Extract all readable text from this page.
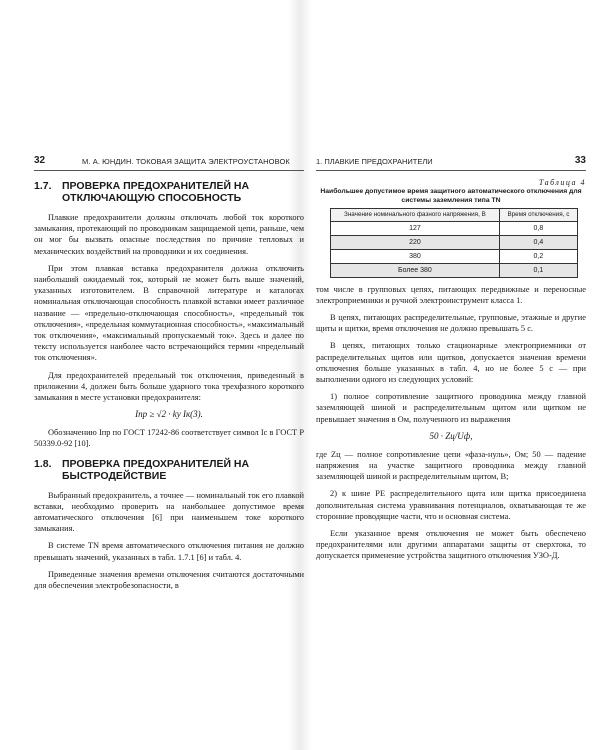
32	М. А. ЮНДИН. ТОКОВАЯ ЗАЩИТА ЭЛЕКТРОУСТАНОВОК
1.7. ПРОВЕРКА ПРЕДОХРАНИТЕЛЕЙ НА ОТКЛЮЧАЮЩУЮ СПОСОБНОСТЬ

Плавкие предохранители должны отключать любой ток короткого замыкания, протекающий по проводникам защищаемой цепи, раньше, чем он мог бы вызвать опасные последствия по причине тепловых и механических воздействий на проводники и их соединения.

При этом плавкая вставка предохранителя должна отключить наибольший ожидаемый ток, который не может быть выше значений, указанных изготовителем. В справочной литературе и каталогах номинальная отключающая способность плавкой вставки имеет различное название — «предельно-отключающая способность», «предельный ток отключения», «предельная коммутационная способность», «максимальный ток отключения», «максимальный пропускаемый ток». Здесь и далее по тексту используется наиболее часто встречающийся термин «предельный ток отключения».

Для предохранителей предельный ток отключения, приведенный в приложении 4, должен быть больше ударного тока трехфазного короткого замыкания в месте установки предохранителя:

Iпр ≥ √2 · kу Iк(3).

Обозначению Iпр по ГОСТ 17242-86 соответствует символ Ic в ГОСТ Р 50339.0-92 [10].

1.8. ПРОВЕРКА ПРЕДОХРАНИТЕЛЕЙ НА БЫСТРОДЕЙСТВИЕ

Выбранный предохранитель, а точнее — номинальный ток его плавкой вставки, необходимо проверить на наибольшее допустимое время автоматического отключения [6] при наименьшем токе короткого замыкания.

В системе TN время автоматического отключения питания не должно превышать значений, указанных в табл. 1.7.1 [6] и табл. 4.

Приведенные значения времени отключения считаются достаточными для обеспечения электробезопасности, в

1. ПЛАВКИЕ ПРЕДОХРАНИТЕЛИ	33
Таблица 4
Наибольшее допустимое время защитного автоматического отключения для системы заземления типа TN
Значение номинального фазного напряжения, В	Время отключения, с
127	0,8
220	0,4
380	0,2
Более 380	0,1

том числе в групповых цепях, питающих передвижные и переносные электроприемники и ручной электроинструмент класса 1.

В цепях, питающих распределительные, групповые, этажные и другие щиты и щитки, время отключения не должно превышать 5 с.

В цепях, питающих только стационарные электроприемники от распределительных щитов или щитков, допускается значения времени отключения больше указанных в табл. 4, но не более 5 с — при выполнении одного из следующих условий:

1) полное сопротивление защитного проводника между главной заземляющей шиной и распределительным щитом или щитком не превышает значения в Ом, полученного из выражения

50 · Zц/Uф,

где Zц — полное сопротивление цепи «фаза-нуль», Ом; 50 — падение напряжения на участке защитного проводника между главной заземляющей шиной и распределительным щитом, В;

2) к шине РЕ распределительного щита или щитка присоединена дополнительная система уравнивания потенциалов, охватывающая те же сторонние проводящие части, что и основная система.

Если указанное время отключения не может быть обеспечено предохранителями или другими аппаратами защиты от сверхтока, то допускается применение устройства защитного отключения УЗО-Д.
